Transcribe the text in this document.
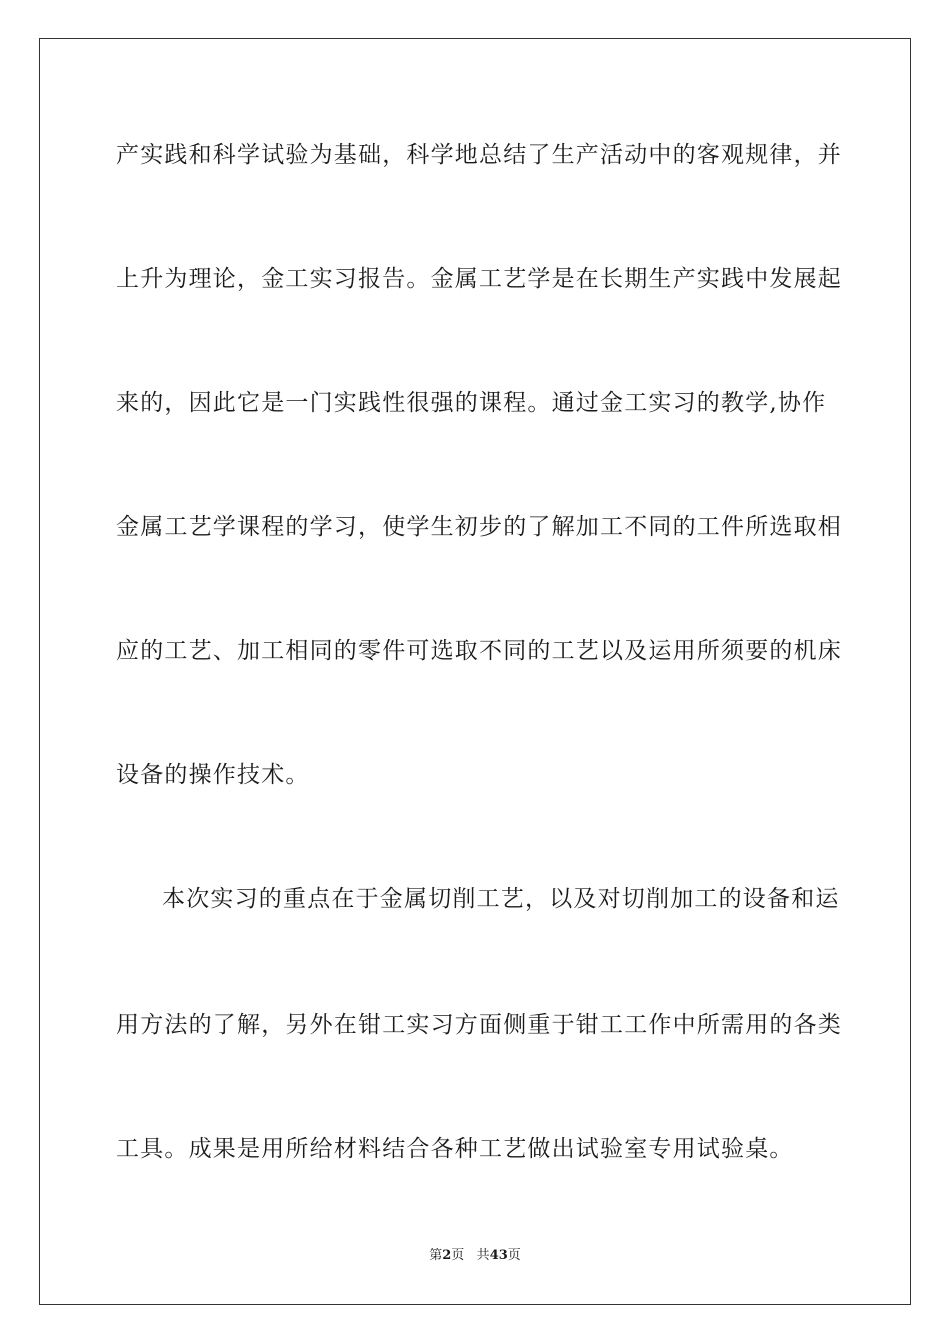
产实践和科学试验为基础，科学地总结了生产活动中的客观规律，并
上升为理论，金工实习报告。金属工艺学是在长期生产实践中发展起
来的，因此它是一门实践性很强的课程。通过金工实习的教学,协作
金属工艺学课程的学习，使学生初步的了解加工不同的工件所选取相
应的工艺、加工相同的零件可选取不同的工艺以及运用所须要的机床
设备的操作技术。
本次实习的重点在于金属切削工艺，以及对切削加工的设备和运
用方法的了解，另外在钳工实习方面侧重于钳工工作中所需用的各类
工具。成果是用所给材料结合各种工艺做出试验室专用试验桌。
第2页 共43页
